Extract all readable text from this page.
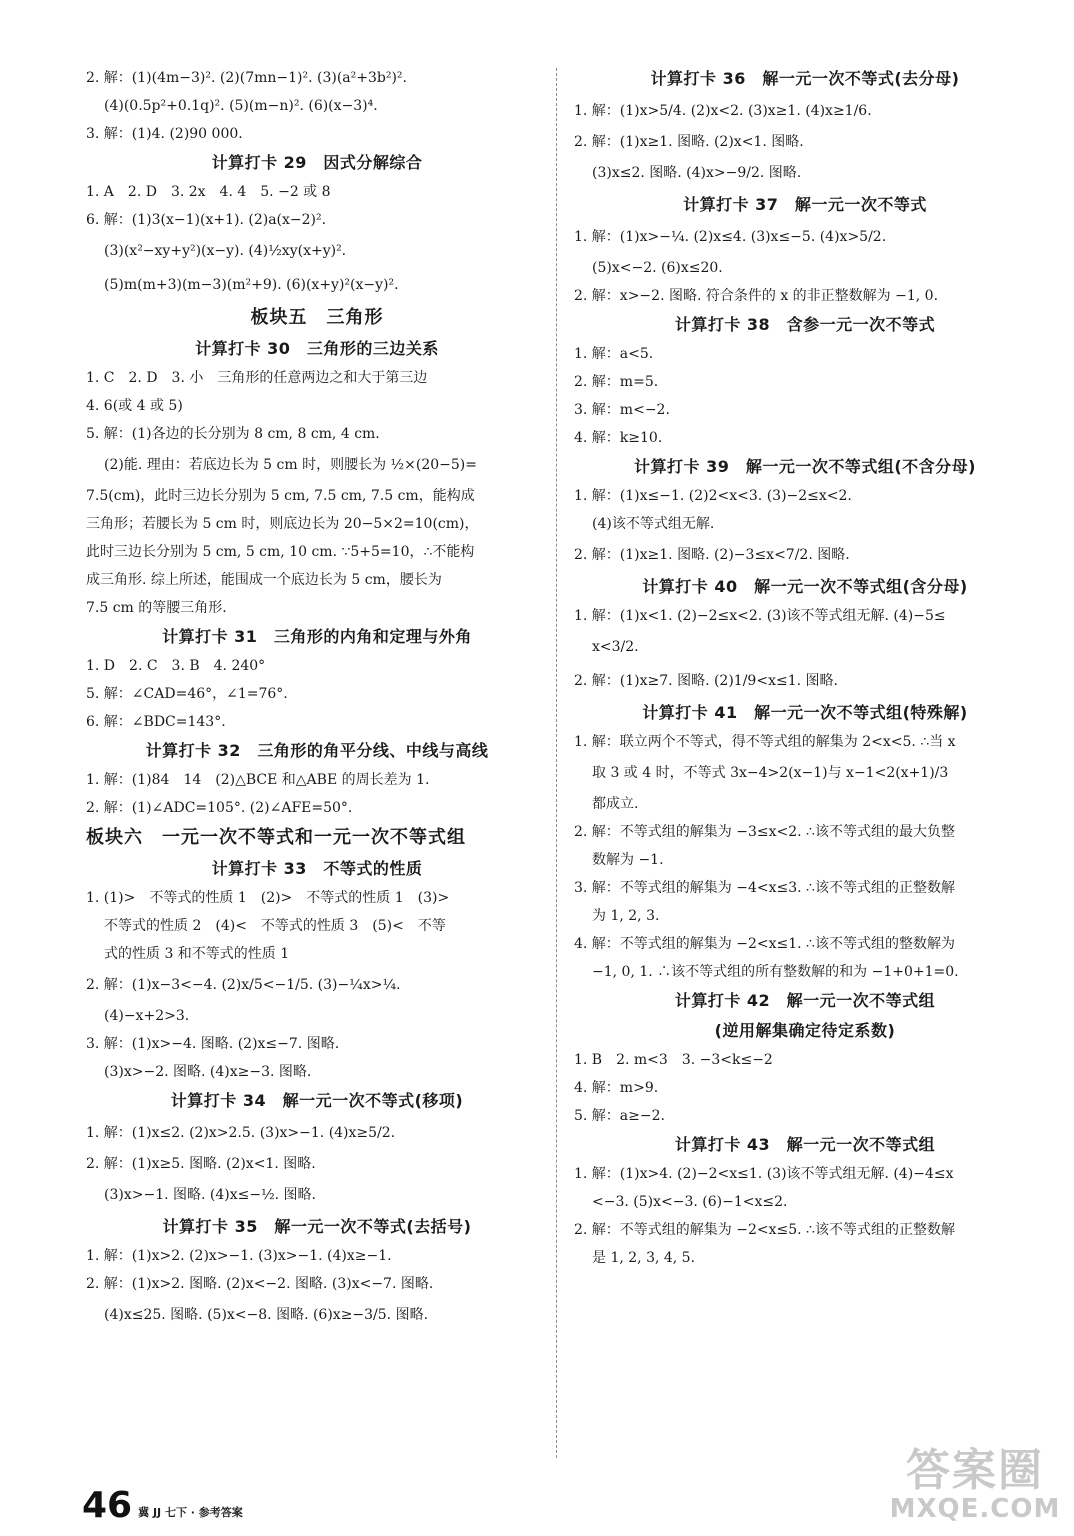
2. 解：(1)(4m−3)². (2)(7mn−1)². (3)(a²+3b²)².
(4)(0.5p²+0.1q)². (5)(m−n)². (6)(x−3)⁴.
3. 解：(1)4. (2)90 000.
计算打卡 29　因式分解综合
1. A　2. D　3. 2x　4. 4　5. −2 或 8
6. 解：(1)3(x−1)(x+1). (2)a(x−2)².
(3)(x²−xy+y²)(x−y). (4)½xy(x+y)².
(5)m(m+3)(m−3)(m²+9). (6)(x+y)²(x−y)².
板块五　三角形
计算打卡 30　三角形的三边关系
1. C　2. D　3. 小　三角形的任意两边之和大于第三边
4. 6(或 4 或 5)
5. 解：(1)各边的长分别为 8 cm, 8 cm, 4 cm.
(2)能. 理由：若底边长为 5 cm 时，则腰长为 ½×(20−5)=
7.5(cm)，此时三边长分别为 5 cm, 7.5 cm, 7.5 cm，能构成
三角形；若腰长为 5 cm 时，则底边长为 20−5×2=10(cm)，
此时三边长分别为 5 cm, 5 cm, 10 cm. ∵5+5=10，∴不能构
成三角形. 综上所述，能围成一个底边长为 5 cm，腰长为
7.5 cm 的等腰三角形.
计算打卡 31　三角形的内角和定理与外角
1. D　2. C　3. B　4. 240°
5. 解：∠CAD=46°，∠1=76°.
6. 解：∠BDC=143°.
计算打卡 32　三角形的角平分线、中线与高线
1. 解：(1)84　14　(2)△BCE 和△ABE 的周长差为 1.
2. 解：(1)∠ADC=105°. (2)∠AFE=50°.
板块六　一元一次不等式和一元一次不等式组
计算打卡 33　不等式的性质
1. (1)>　不等式的性质 1　(2)>　不等式的性质 1　(3)>
不等式的性质 2　(4)<　不等式的性质 3　(5)<　不等
式的性质 3 和不等式的性质 1
2. 解：(1)x−3<−4. (2)x/5<−1/5. (3)−¼x>¼.
(4)−x+2>3.
3. 解：(1)x>−4. 图略. (2)x≤−7. 图略.
(3)x>−2. 图略. (4)x≥−3. 图略.
计算打卡 34　解一元一次不等式(移项)
1. 解：(1)x≤2. (2)x>2.5. (3)x>−1. (4)x≥5/2.
2. 解：(1)x≥5. 图略. (2)x<1. 图略.
(3)x>−1. 图略. (4)x≤−½. 图略.
计算打卡 35　解一元一次不等式(去括号)
1. 解：(1)x>2. (2)x>−1. (3)x>−1. (4)x≥−1.
2. 解：(1)x>2. 图略. (2)x<−2. 图略. (3)x<−7. 图略.
(4)x≤25. 图略. (5)x<−8. 图略. (6)x≥−3/5. 图略.
计算打卡 36　解一元一次不等式(去分母)
1. 解：(1)x>5/4. (2)x<2. (3)x≥1. (4)x≥1/6.
2. 解：(1)x≥1. 图略. (2)x<1. 图略.
(3)x≤2. 图略. (4)x>−9/2. 图略.
计算打卡 37　解一元一次不等式
1. 解：(1)x>−¼. (2)x≤4. (3)x≤−5. (4)x>5/2.
(5)x<−2. (6)x≤20.
2. 解：x>−2. 图略. 符合条件的 x 的非正整数解为 −1, 0.
计算打卡 38　含参一元一次不等式
1. 解：a<5.
2. 解：m=5.
3. 解：m<−2.
4. 解：k≥10.
计算打卡 39　解一元一次不等式组(不含分母)
1. 解：(1)x≤−1. (2)2<x<3. (3)−2≤x<2.
(4)该不等式组无解.
2. 解：(1)x≥1. 图略. (2)−3≤x<7/2. 图略.
计算打卡 40　解一元一次不等式组(含分母)
1. 解：(1)x<1. (2)−2≤x<2. (3)该不等式组无解. (4)−5≤
x<3/2.
2. 解：(1)x≥7. 图略. (2)1/9<x≤1. 图略.
计算打卡 41　解一元一次不等式组(特殊解)
1. 解：联立两个不等式，得不等式组的解集为 2<x<5. ∴当 x
取 3 或 4 时，不等式 3x−4>2(x−1)与 x−1<2(x+1)/3
都成立.
2. 解：不等式组的解集为 −3≤x<2. ∴该不等式组的最大负整
数解为 −1.
3. 解：不等式组的解集为 −4<x≤3. ∴该不等式组的正整数解
为 1, 2, 3.
4. 解：不等式组的解集为 −2<x≤1. ∴该不等式组的整数解为
−1, 0, 1. ∴该不等式组的所有整数解的和为 −1+0+1=0.
计算打卡 42　解一元一次不等式组
(逆用解集确定待定系数)
1. B　2. m<3　3. −3<k≤−2
4. 解：m>9.
5. 解：a≥−2.
计算打卡 43　解一元一次不等式组
1. 解：(1)x>4. (2)−2<x≤1. (3)该不等式组无解. (4)−4≤x
<−3. (5)x<−3. (6)−1<x≤2.
2. 解：不等式组的解集为 −2<x≤5. ∴该不等式组的正整数解
是 1, 2, 3, 4, 5.
46 冀 JJ 七下 · 参考答案
答案圈
MXQE.COM
